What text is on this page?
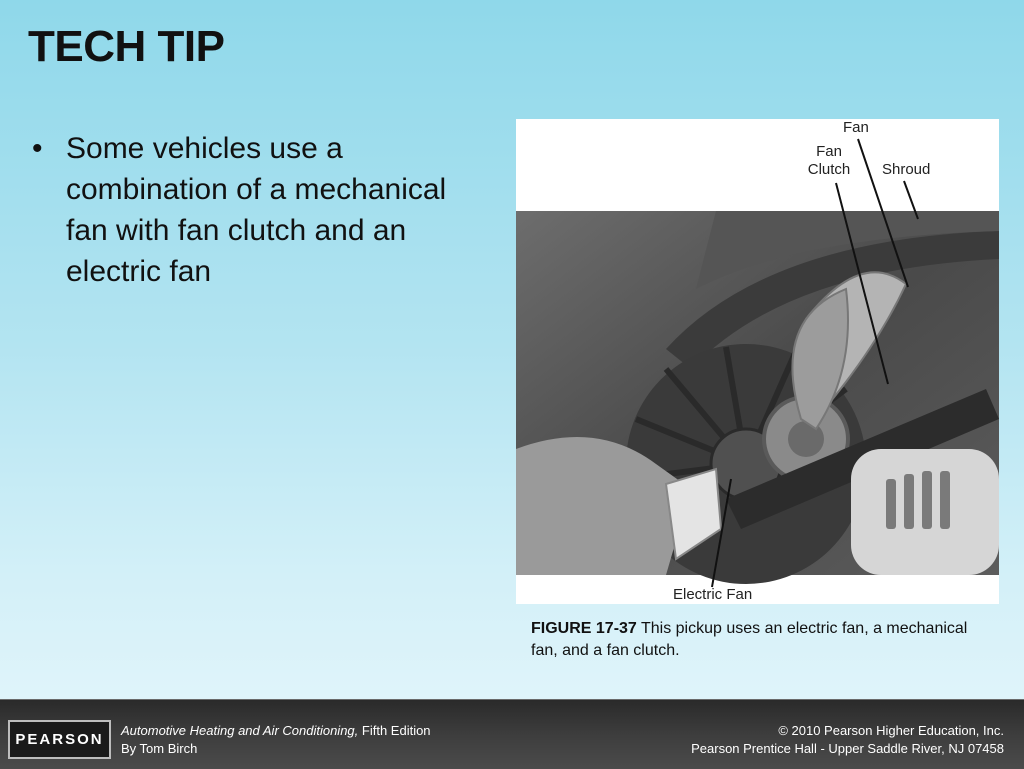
TECH TIP
• Some vehicles use a combination of a mechanical fan with fan clutch and an electric fan
Fan
Fan Clutch Shroud
Electric Fan
FIGURE 17-37 This pickup uses an electric fan, a mechanical fan, and a fan clutch.
PEARSON
Automotive Heating and Air Conditioning, Fifth Edition
By Tom Birch
© 2010 Pearson Higher Education, Inc.
Pearson Prentice Hall - Upper Saddle River, NJ 07458
